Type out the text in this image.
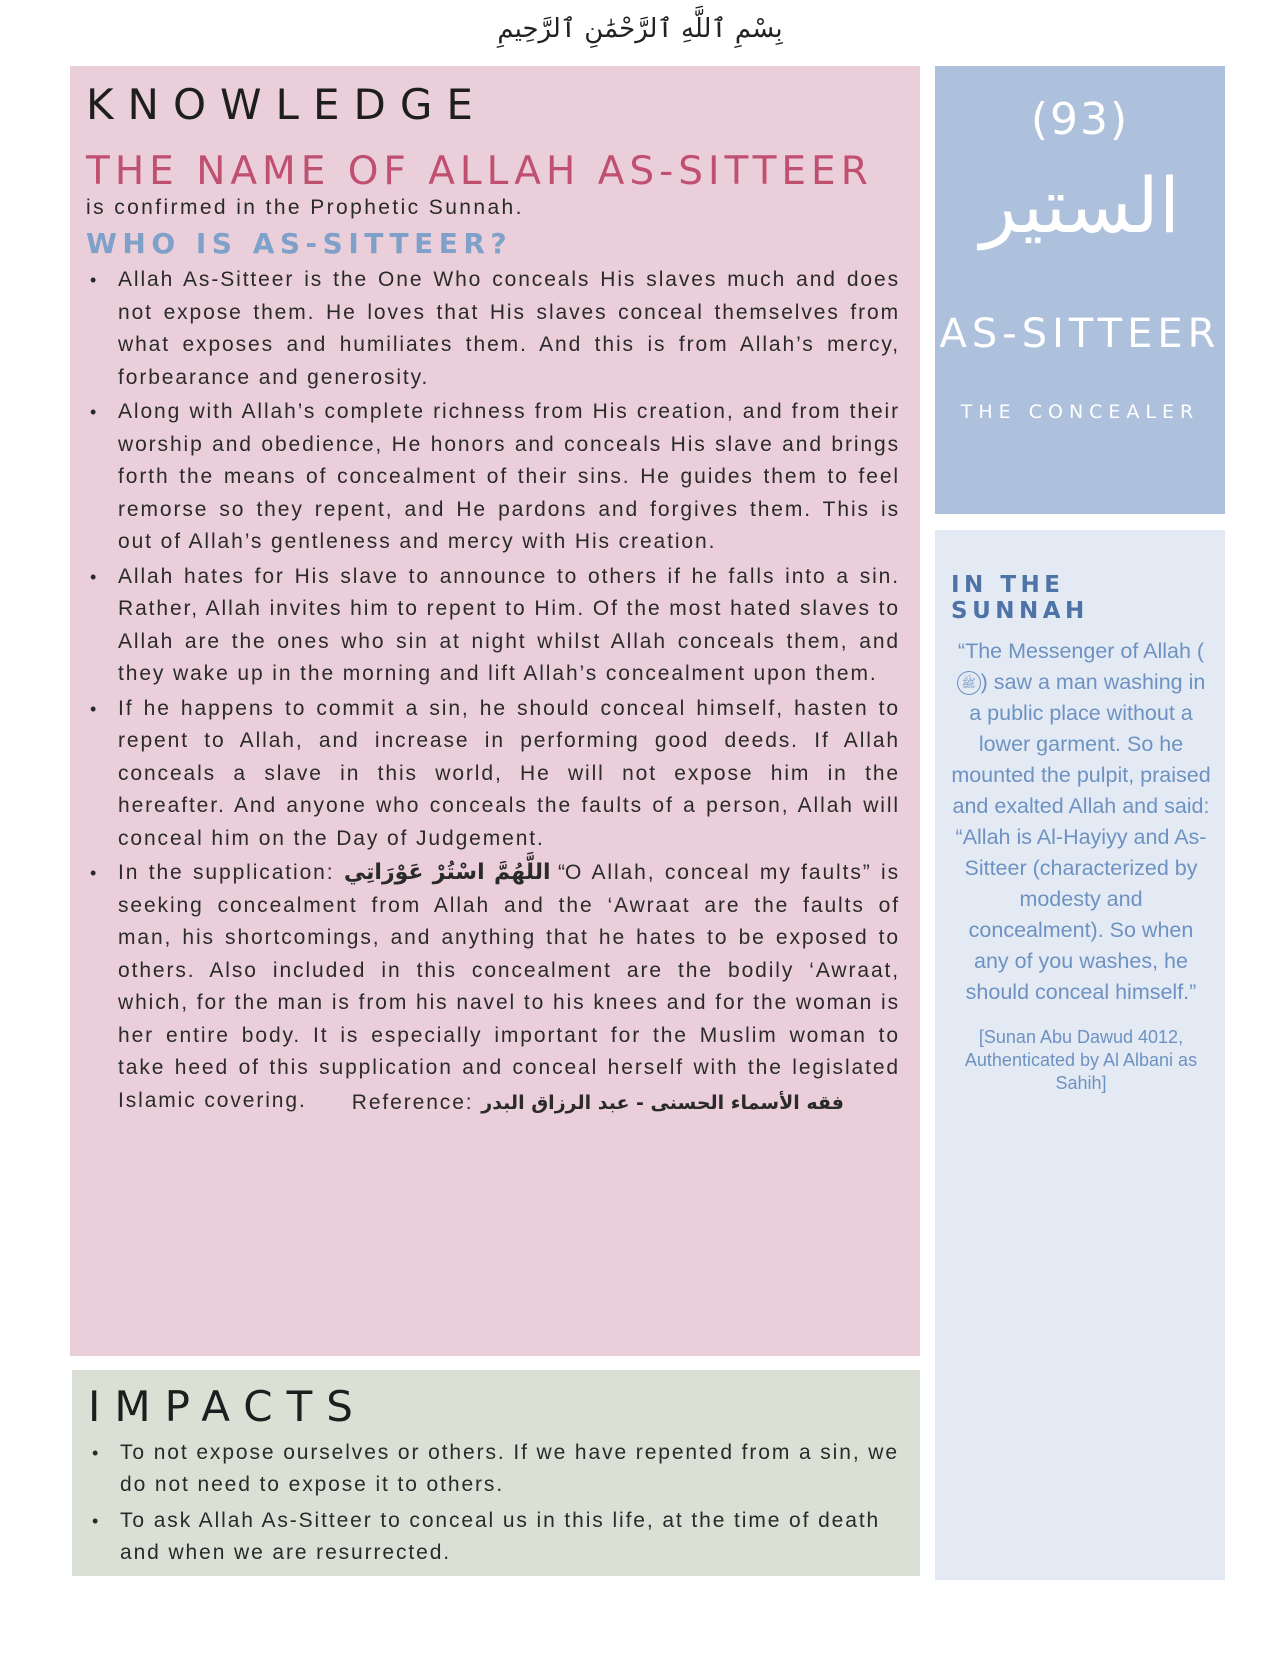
بِسْمِ ٱللَّهِ ٱلرَّحْمَٰنِ ٱلرَّحِيمِ
KNOWLEDGE

THE NAME OF ALLAH AS-SITTEER is confirmed in the Prophetic Sunnah.

WHO IS AS-SITTEER?
• Allah As-Sitteer is the One Who conceals His slaves much and does not expose them. He loves that His slaves conceal themselves from what exposes and humiliates them. And this is from Allah’s mercy, forbearance and generosity.
• Along with Allah’s complete richness from His creation, and from their worship and obedience, He honors and conceals His slave and brings forth the means of concealment of their sins. He guides them to feel remorse so they repent, and He pardons and forgives them. This is out of Allah’s gentleness and mercy with His creation.
• Allah hates for His slave to announce to others if he falls into a sin. Rather, Allah invites him to repent to Him. Of the most hated slaves to Allah are the ones who sin at night whilst Allah conceals them, and they wake up in the morning and lift Allah’s concealment upon them.
• If he happens to commit a sin, he should conceal himself, hasten to repent to Allah, and increase in performing good deeds. If Allah conceals a slave in this world, He will not expose him in the hereafter. And anyone who conceals the faults of a person, Allah will conceal him on the Day of Judgement.
• In the supplication: اللَّهُمَّ اسْتُرْ عَوْرَاتِي “O Allah, conceal my faults” is seeking concealment from Allah and the ‘Awraat are the faults of man, his shortcomings, and anything that he hates to be exposed to others. Also included in this concealment are the bodily ‘Awraat, which, for the man is from his navel to his knees and for the woman is her entire body. It is especially important for the Muslim woman to take heed of this supplication and conceal herself with the legislated Islamic covering.	Reference: فقه الأسماء الحسنى - عبد الرزاق البدر
IMPACTS
• To not expose ourselves or others. If we have repented from a sin, we do not need to expose it to others.
• To ask Allah As-Sitteer to conceal us in this life, at the time of death and when we are resurrected.
(93)
الستير
AS-SITTEER
THE CONCEALER
IN THE SUNNAH
“The Messenger of Allah (ﷺ ) saw a man washing in a public place without a lower garment. So he mounted the pulpit, praised and exalted Allah and said: “Allah is Al-Hayiyy and As-Sitteer (characterized by modesty and concealment). So when any of you washes, he should conceal himself.”
[Sunan Abu Dawud 4012, Authenticated by Al Albani as Sahih]
